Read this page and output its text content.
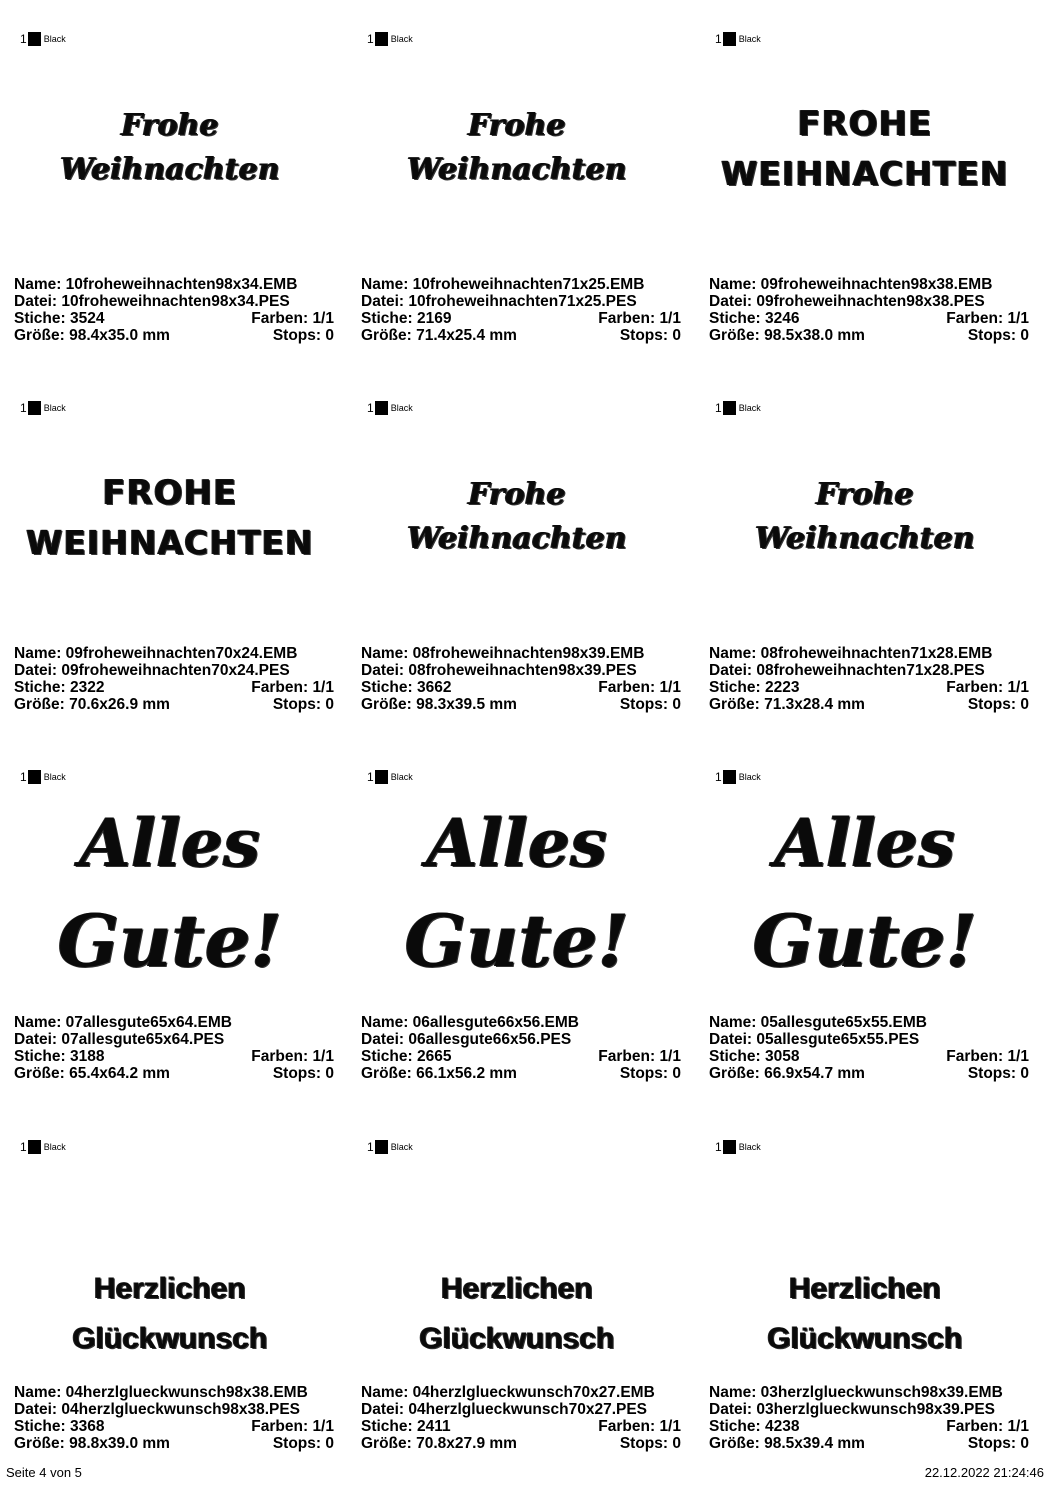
1 Black
Frohe
Weihnachten
Name: 10froheweihnachten98x34.EMB
Datei: 10froheweihnachten98x34.PES
Stiche: 3524	Farben: 1/1
Größe: 98.4x35.0 mm	Stops: 0
1 Black
Frohe
Weihnachten
Name: 10froheweihnachten71x25.EMB
Datei: 10froheweihnachten71x25.PES
Stiche: 2169	Farben: 1/1
Größe: 71.4x25.4 mm	Stops: 0
1 Black
FROHE
WEIHNACHTEN
Name: 09froheweihnachten98x38.EMB
Datei: 09froheweihnachten98x38.PES
Stiche: 3246	Farben: 1/1
Größe: 98.5x38.0 mm	Stops: 0
1 Black
FROHE
WEIHNACHTEN
Name: 09froheweihnachten70x24.EMB
Datei: 09froheweihnachten70x24.PES
Stiche: 2322	Farben: 1/1
Größe: 70.6x26.9 mm	Stops: 0
1 Black
Frohe
Weihnachten
Name: 08froheweihnachten98x39.EMB
Datei: 08froheweihnachten98x39.PES
Stiche: 3662	Farben: 1/1
Größe: 98.3x39.5 mm	Stops: 0
1 Black
Frohe
Weihnachten
Name: 08froheweihnachten71x28.EMB
Datei: 08froheweihnachten71x28.PES
Stiche: 2223	Farben: 1/1
Größe: 71.3x28.4 mm	Stops: 0
1 Black
Alles
Gute!
Name: 07allesgute65x64.EMB
Datei: 07allesgute65x64.PES
Stiche: 3188	Farben: 1/1
Größe: 65.4x64.2 mm	Stops: 0
1 Black
Alles
Gute!
Name: 06allesgute66x56.EMB
Datei: 06allesgute66x56.PES
Stiche: 2665	Farben: 1/1
Größe: 66.1x56.2 mm	Stops: 0
1 Black
Alles
Gute!
Name: 05allesgute65x55.EMB
Datei: 05allesgute65x55.PES
Stiche: 3058	Farben: 1/1
Größe: 66.9x54.7 mm	Stops: 0
1 Black
Herzlichen
Glückwunsch
Name: 04herzlglueckwunsch98x38.EMB
Datei: 04herzlglueckwunsch98x38.PES
Stiche: 3368	Farben: 1/1
Größe: 98.8x39.0 mm	Stops: 0
1 Black
Herzlichen
Glückwunsch
Name: 04herzlglueckwunsch70x27.EMB
Datei: 04herzlglueckwunsch70x27.PES
Stiche: 2411	Farben: 1/1
Größe: 70.8x27.9 mm	Stops: 0
1 Black
Herzlichen
Glückwunsch
Name: 03herzlglueckwunsch98x39.EMB
Datei: 03herzlglueckwunsch98x39.PES
Stiche: 4238	Farben: 1/1
Größe: 98.5x39.4 mm	Stops: 0
Seite 4 von 5	22.12.2022 21:24:46
